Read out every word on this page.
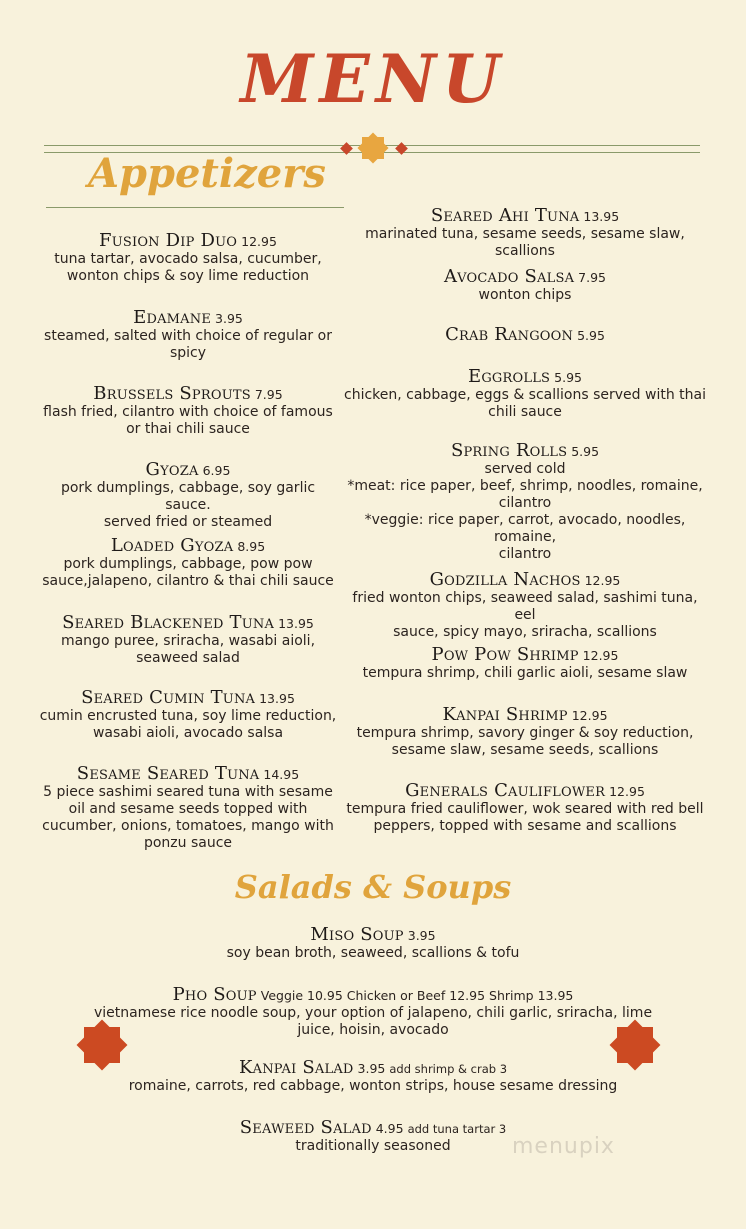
MENU
Appetizers
Fusion Dip Duo 12.95
tuna tartar, avocado salsa, cucumber,
wonton chips & soy lime reduction
Edamane 3.95
steamed, salted with choice of regular or
spicy
Brussels Sprouts 7.95
flash fried, cilantro with choice of famous
or thai chili sauce
Gyoza 6.95
pork dumplings, cabbage, soy garlic sauce.
served fried or steamed
Loaded Gyoza 8.95
pork dumplings, cabbage, pow pow
sauce,jalapeno, cilantro & thai chili sauce
Seared Blackened Tuna 13.95
mango puree, sriracha, wasabi aioli,
seaweed salad
Seared Cumin Tuna 13.95
cumin encrusted tuna, soy lime reduction,
wasabi aioli, avocado salsa
Sesame Seared Tuna 14.95
5 piece sashimi seared tuna with sesame
oil and sesame seeds topped with
cucumber, onions, tomatoes, mango with
ponzu sauce
Seared Ahi Tuna 13.95
marinated tuna, sesame seeds, sesame slaw, scallions
Avocado Salsa 7.95
wonton chips
Crab Rangoon 5.95
Eggrolls 5.95
chicken, cabbage, eggs & scallions served with thai
chili sauce
Spring Rolls 5.95
served cold
*meat: rice paper, beef, shrimp, noodles, romaine,
cilantro
*veggie: rice paper, carrot, avocado, noodles, romaine,
cilantro
Godzilla Nachos 12.95
fried wonton chips, seaweed salad, sashimi tuna, eel
sauce, spicy mayo, sriracha, scallions
Pow Pow Shrimp 12.95
tempura shrimp, chili garlic aioli, sesame slaw
Kanpai Shrimp 12.95
tempura shrimp, savory ginger & soy reduction,
sesame slaw, sesame seeds, scallions
Generals Cauliflower 12.95
tempura fried cauliflower, wok seared with red bell
peppers, topped with sesame and scallions
Salads & Soups
Miso Soup 3.95
soy bean broth, seaweed, scallions & tofu
Pho Soup Veggie 10.95 Chicken or Beef 12.95 Shrimp 13.95
vietnamese rice noodle soup, your option of jalapeno, chili garlic, sriracha, lime
juice, hoisin, avocado
Kanpai Salad 3.95 add shrimp & crab 3
romaine, carrots, red cabbage, wonton strips, house sesame dressing
Seaweed Salad 4.95 add tuna tartar 3
traditionally seasoned	menupix
